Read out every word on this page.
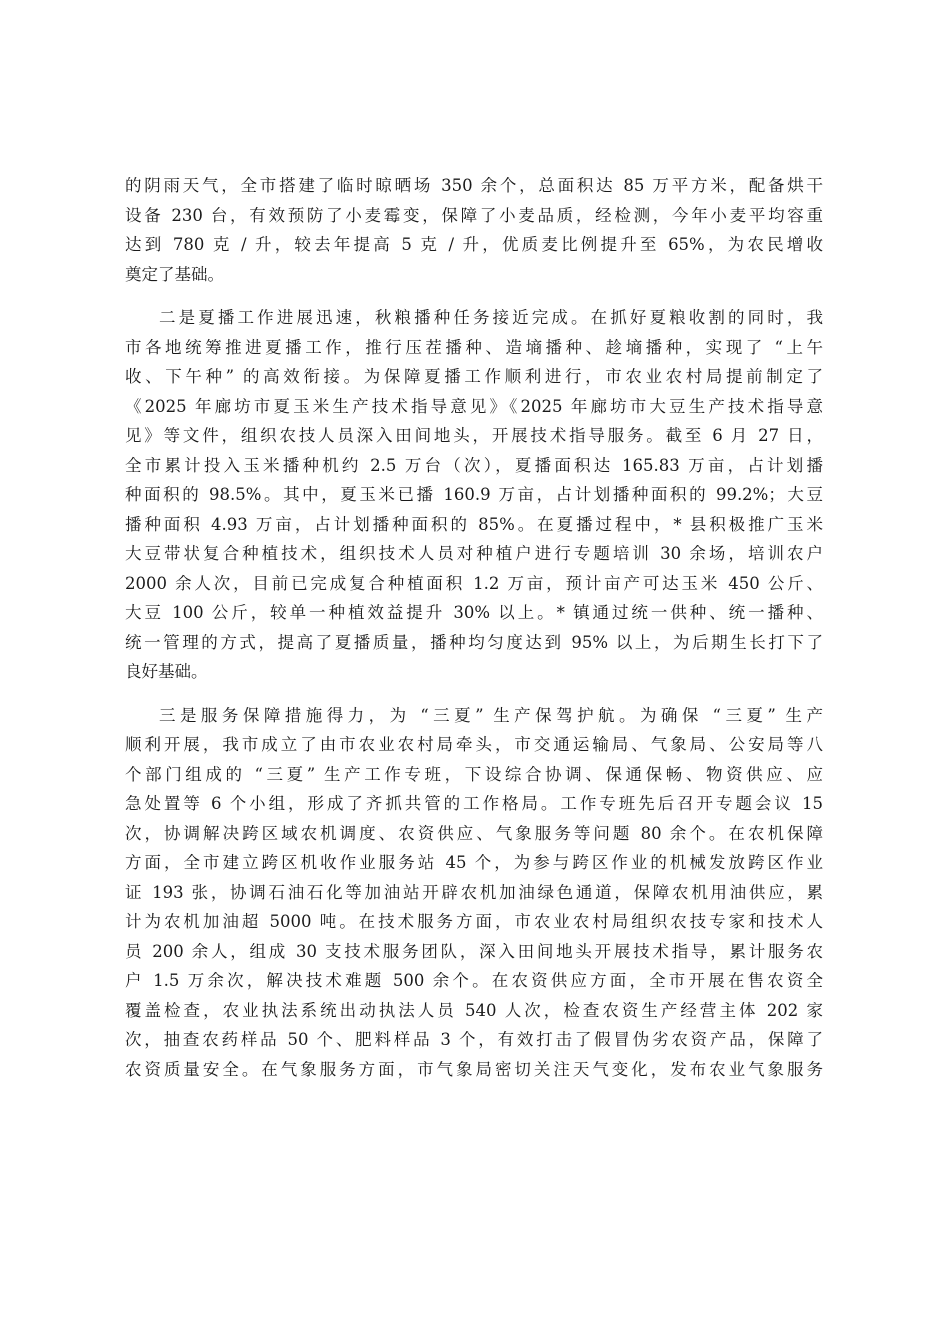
的阴雨天气，全市搭建了临时晾晒场 350 余个，总面积达 85 万平方米，配备烘干
设备 230 台，有效预防了小麦霉变，保障了小麦品质，经检测，今年小麦平均容重
达到 780 克 / 升，较去年提高 5 克 / 升，优质麦比例提升至 65%，为农民增收
奠定了基础。
二是夏播工作进展迅速，秋粮播种任务接近完成。在抓好夏粮收割的同时，我
市各地统筹推进夏播工作，推行压茬播种、造墒播种、趁墒播种，实现了 “上午
收、下午种” 的高效衔接。为保障夏播工作顺利进行，市农业农村局提前制定了
《2025 年廊坊市夏玉米生产技术指导意见》《2025 年廊坊市大豆生产技术指导意
见》等文件，组织农技人员深入田间地头，开展技术指导服务。截至 6 月 27 日，
全市累计投入玉米播种机约 2.5 万台（次），夏播面积达 165.83 万亩，占计划播
种面积的 98.5%。其中，夏玉米已播 160.9 万亩，占计划播种面积的 99.2%；大豆
播种面积 4.93 万亩，占计划播种面积的 85%。在夏播过程中，* 县积极推广玉米
大豆带状复合种植技术，组织技术人员对种植户进行专题培训 30 余场，培训农户
2000 余人次，目前已完成复合种植面积 1.2 万亩，预计亩产可达玉米 450 公斤、
大豆 100 公斤，较单一种植效益提升 30% 以上。* 镇通过统一供种、统一播种、
统一管理的方式，提高了夏播质量，播种均匀度达到 95% 以上，为后期生长打下了
良好基础。
三是服务保障措施得力，为 “三夏” 生产保驾护航。为确保 “三夏” 生产
顺利开展，我市成立了由市农业农村局牵头，市交通运输局、气象局、公安局等八
个部门组成的 “三夏” 生产工作专班，下设综合协调、保通保畅、物资供应、应
急处置等 6 个小组，形成了齐抓共管的工作格局。工作专班先后召开专题会议 15
次，协调解决跨区域农机调度、农资供应、气象服务等问题 80 余个。在农机保障
方面，全市建立跨区机收作业服务站 45 个，为参与跨区作业的机械发放跨区作业
证 193 张，协调石油石化等加油站开辟农机加油绿色通道，保障农机用油供应，累
计为农机加油超 5000 吨。在技术服务方面，市农业农村局组织农技专家和技术人
员 200 余人，组成 30 支技术服务团队，深入田间地头开展技术指导，累计服务农
户 1.5 万余次，解决技术难题 500 余个。在农资供应方面，全市开展在售农资全
覆盖检查，农业执法系统出动执法人员 540 人次，检查农资生产经营主体 202 家
次，抽查农药样品 50 个、肥料样品 3 个，有效打击了假冒伪劣农资产品，保障了
农资质量安全。在气象服务方面，市气象局密切关注天气变化，发布农业气象服务
